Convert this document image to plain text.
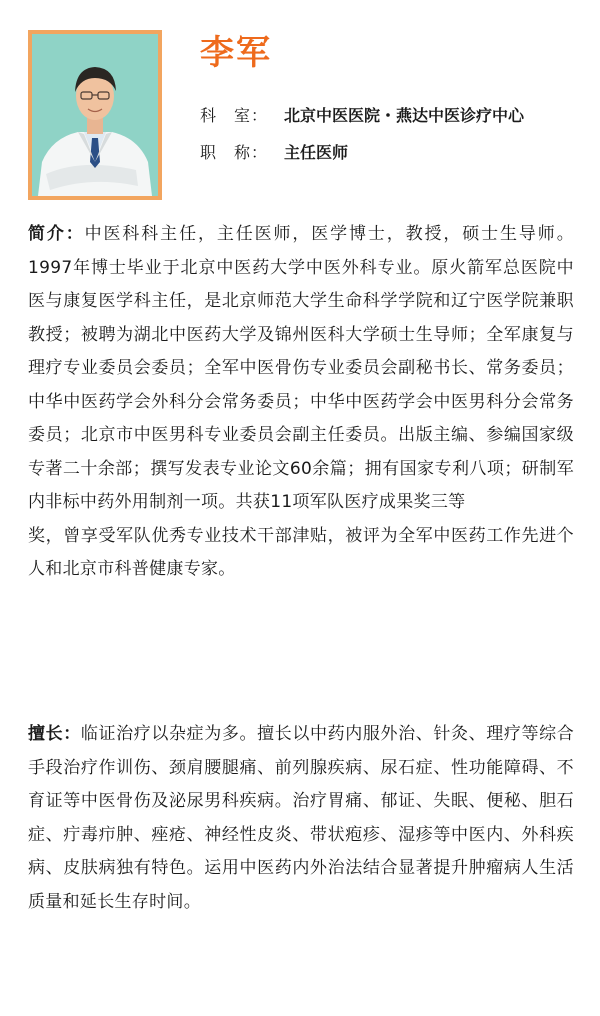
李军
科　室： 北京中医医院・燕达中医诊疗中心
职　称： 主任医师

简介：中医科科主任，主任医师，医学博士，教授，硕士生导师。1997年博士毕业于北京中医药大学中医外科专业。原火箭军总医院中医与康复医学科主任，是北京师范大学生命科学学院和辽宁医学院兼职教授；被聘为湖北中医药大学及锦州医科大学硕士生导师；全军康复与理疗专业委员会委员；全军中医骨伤专业委员会副秘书长、常务委员；中华中医药学会外科分会常务委员；中华中医药学会中医男科分会常务委员；北京市中医男科专业委员会副主任委员。出版主编、参编国家级专著二十余部；撰写发表专业论文60余篇；拥有国家专利八项；研制军内非标中药外用制剂一项。共获11项军队医疗成果奖三等
奖，曾享受军队优秀专业技术干部津贴，被评为全军中医药工作先进个人和北京市科普健康专家。

擅长：临证治疗以杂症为多。擅长以中药内服外治、针灸、理疗等综合手段治疗作训伤、颈肩腰腿痛、前列腺疾病、尿石症、性功能障碍、不育证等中医骨伤及泌尿男科疾病。治疗胃痛、郁证、失眠、便秘、胆石症、疔毒疖肿、痤疮、神经性皮炎、带状疱疹、湿疹等中医内、外科疾病、皮肤病独有特色。运用中医药内外治法结合显著提升肿瘤病人生活质量和延长生存时间。
